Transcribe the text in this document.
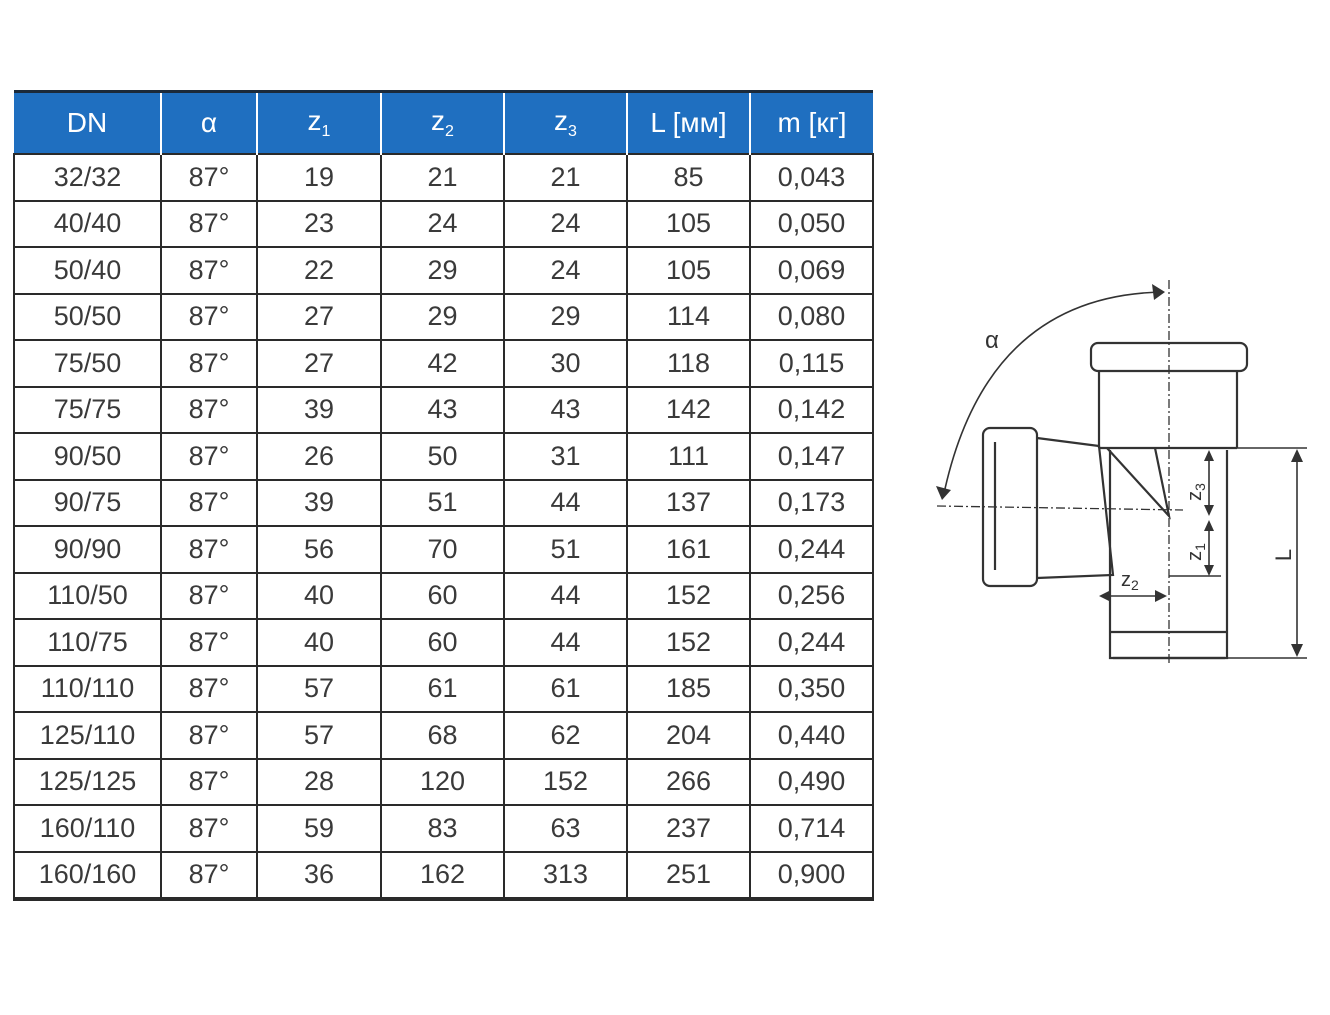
DN	α	$z_1$	$z_2$	$z_3$	L [мм]	m [кг]
32/32	87°	19	21	21	85	0,043
40/40	87°	23	24	24	105	0,050
50/40	87°	22	29	24	105	0,069
50/50	87°	27	29	29	114	0,080
75/50	87°	27	42	30	118	0,115
75/75	87°	39	43	43	142	0,142
90/50	87°	26	50	31	111	0,147
90/75	87°	39	51	44	137	0,173
90/90	87°	56	70	51	161	0,244
110/50	87°	40	60	44	152	0,256
110/75	87°	40	60	44	152	0,244
110/110	87°	57	61	61	185	0,350
125/110	87°	57	68	62	204	0,440
125/125	87°	28	120	152	266	0,490
160/110	87°	59	83	63	237	0,714
160/160	87°	36	162	313	251	0,900
α
L
$z_3$
$z_1$
$z_2$
